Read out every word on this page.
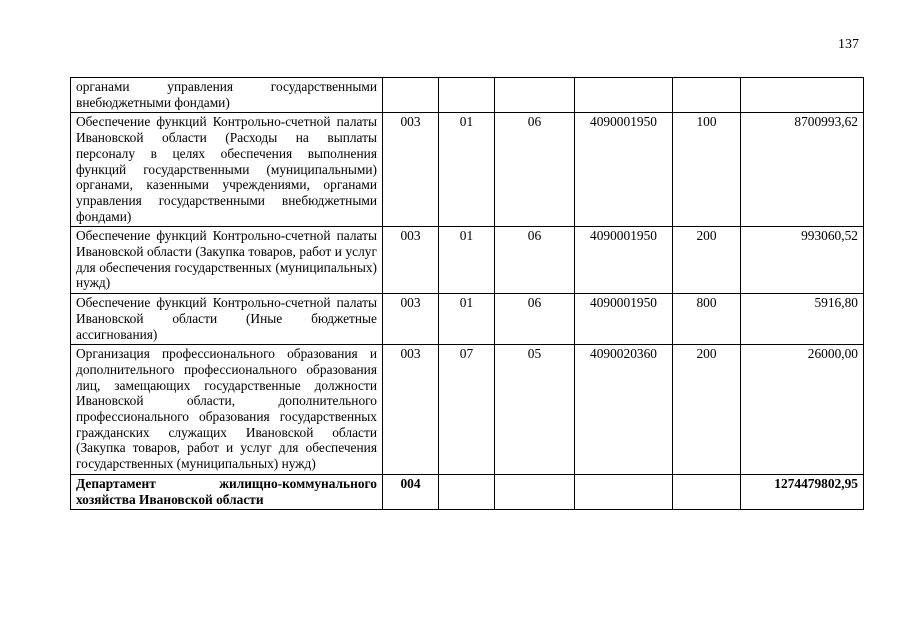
137
органами управления государственными внебюджетными фондами)						

Обеспечение функций Контрольно-счетной палаты Ивановской области (Расходы на выплаты персоналу в целях обеспечения выполнения функций государственными (муниципальными) органами, казенными учреждениями, органами управления государственными внебюджетными фондами)	003	01	06	4090001950	100	8700993,62

Обеспечение функций Контрольно-счетной палаты Ивановской области (Закупка товаров, работ и услуг для обеспечения государственных (муниципальных) нужд)	003	01	06	4090001950	200	993060,52

Обеспечение функций Контрольно-счетной палаты Ивановской области (Иные бюджетные ассигнования)	003	01	06	4090001950	800	5916,80

Организация профессионального образования и дополнительного профессионального образования лиц, замещающих государственные должности Ивановской области, дополнительного профессионального образования государственных гражданских служащих Ивановской области (Закупка товаров, работ и услуг для обеспечения государственных (муниципальных) нужд)	003	07	05	4090020360	200	26000,00

Департамент жилищно-коммунального хозяйства Ивановской области	004					1274479802,95
